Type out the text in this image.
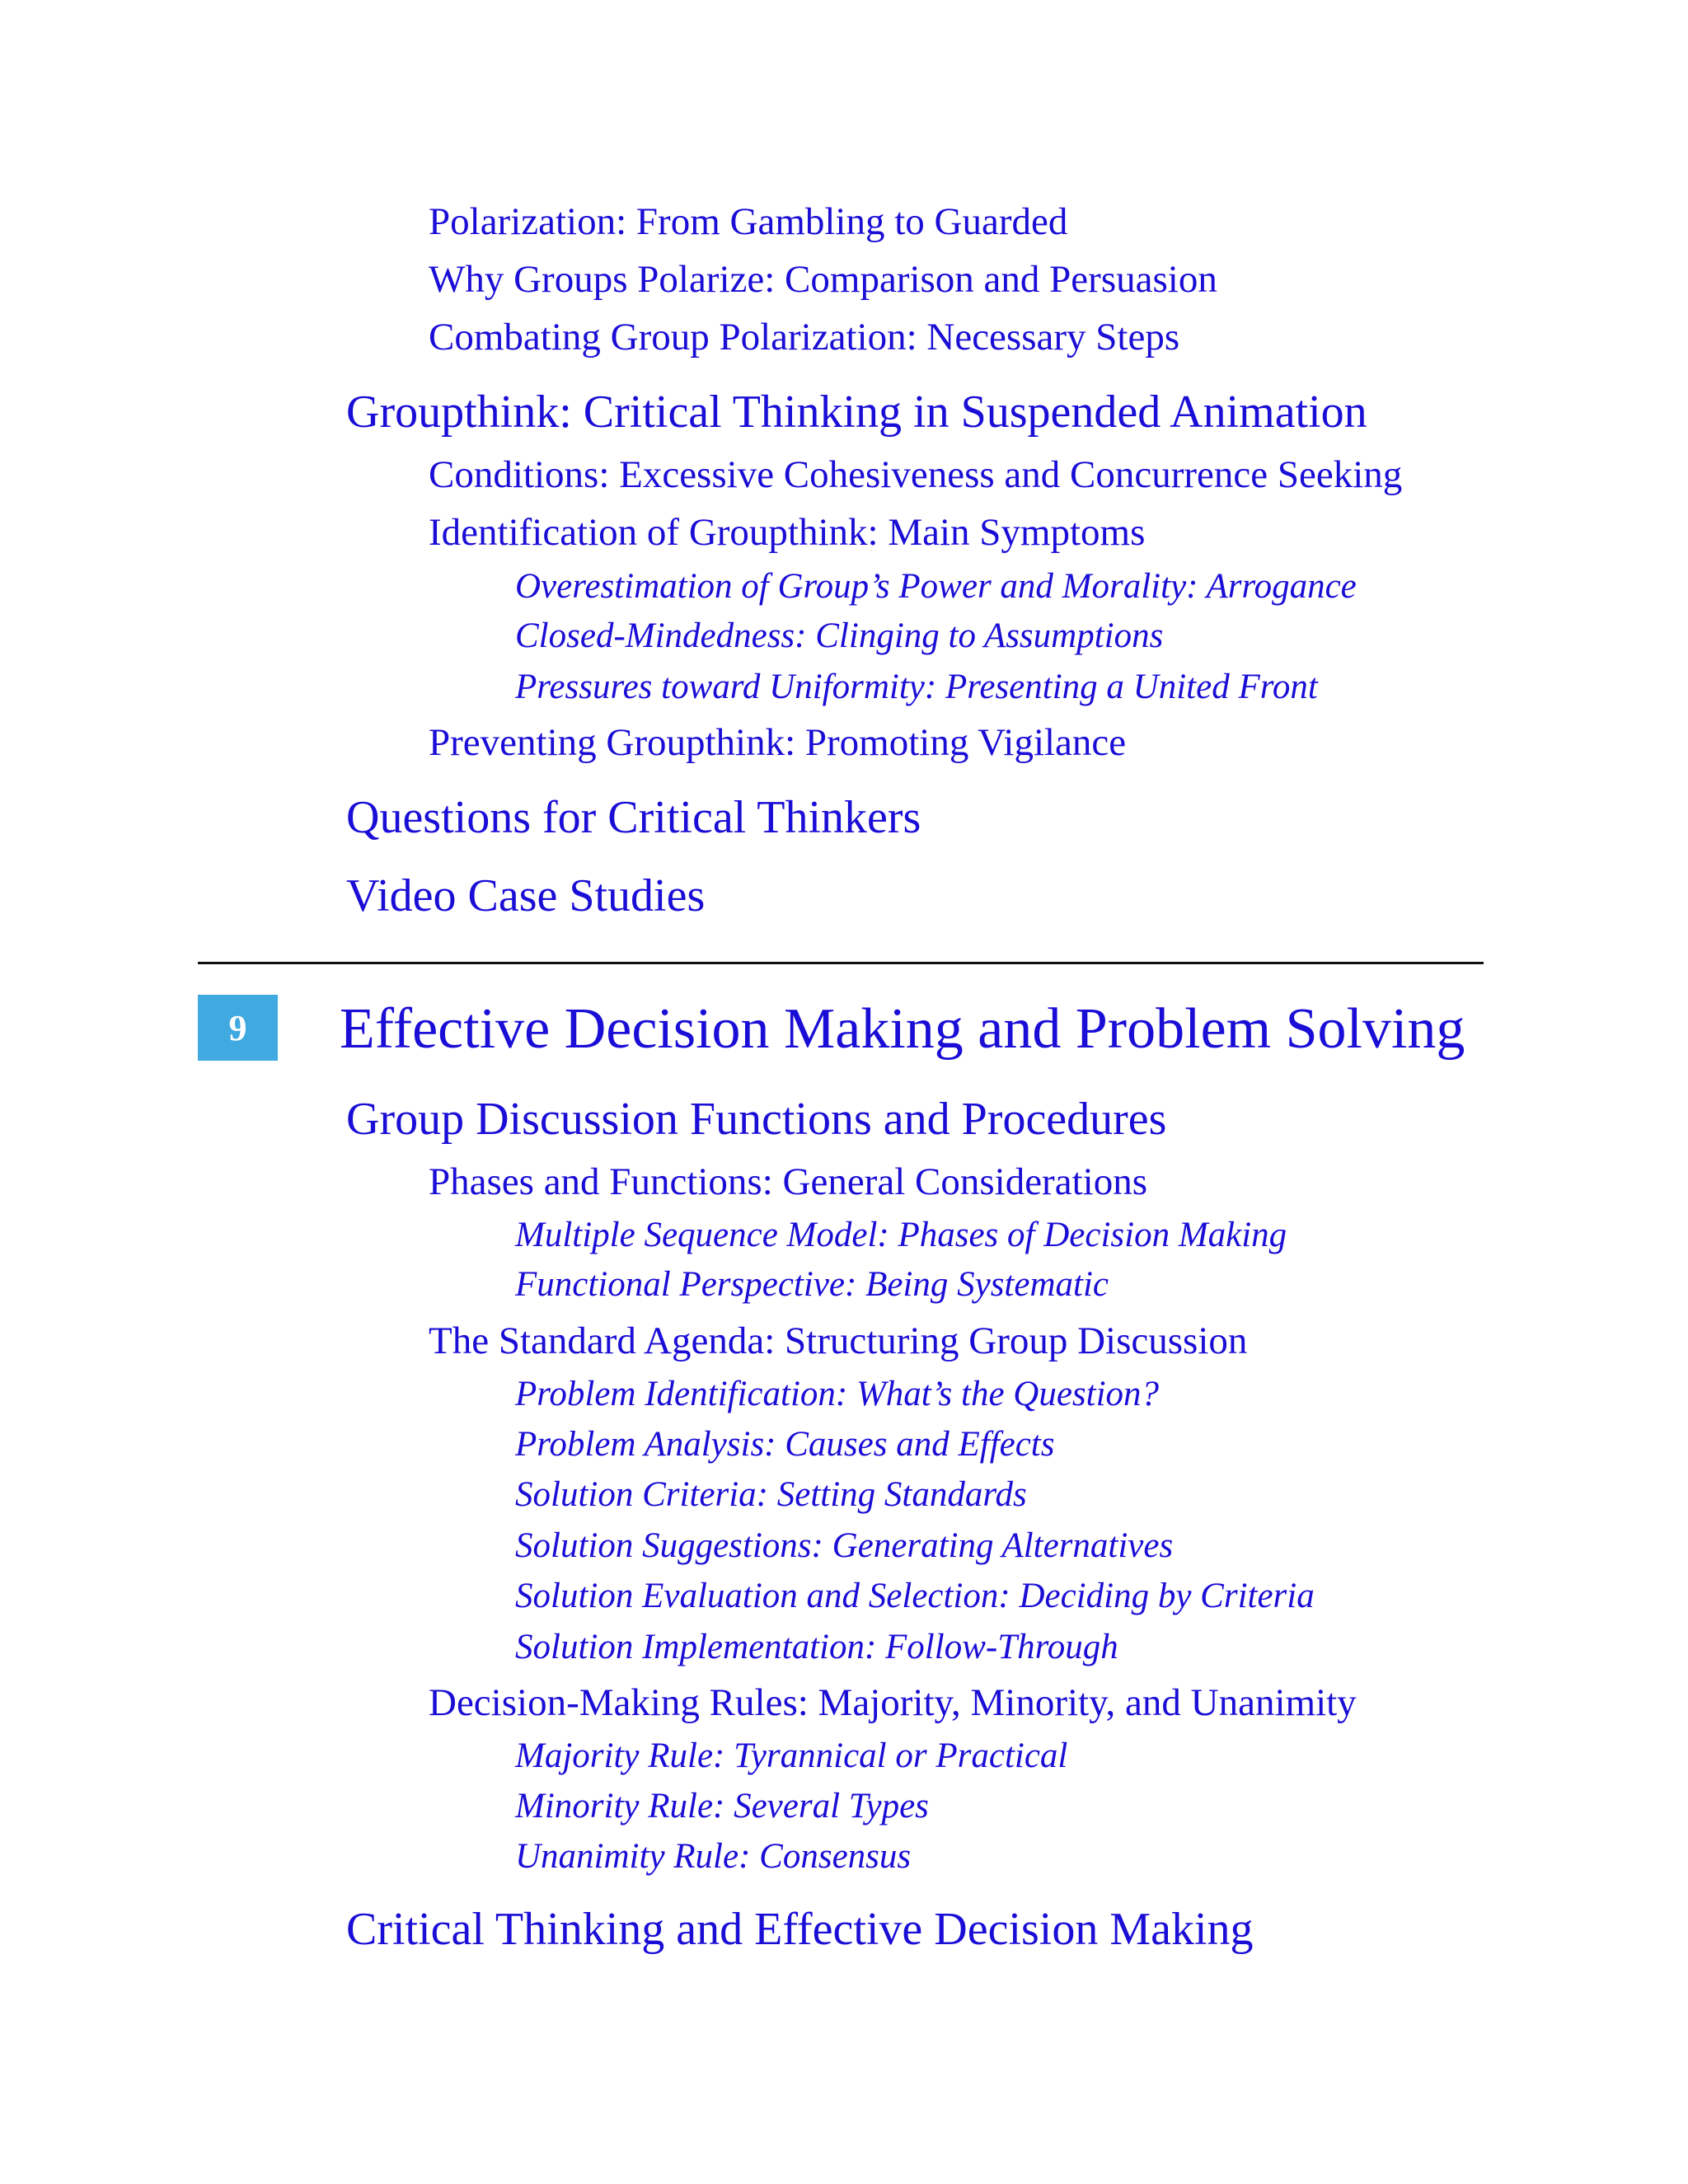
Polarization: From Gambling to Guarded
Why Groups Polarize: Comparison and Persuasion
Combating Group Polarization: Necessary Steps
Groupthink: Critical Thinking in Suspended Animation
Conditions: Excessive Cohesiveness and Concurrence Seeking
Identification of Groupthink: Main Symptoms
Overestimation of Group’s Power and Morality: Arrogance
Closed-Mindedness: Clinging to Assumptions
Pressures toward Uniformity: Presenting a United Front
Preventing Groupthink: Promoting Vigilance
Questions for Critical Thinkers
Video Case Studies
9 Effective Decision Making and Problem Solving
Group Discussion Functions and Procedures
Phases and Functions: General Considerations
Multiple Sequence Model: Phases of Decision Making
Functional Perspective: Being Systematic
The Standard Agenda: Structuring Group Discussion
Problem Identification: What’s the Question?
Problem Analysis: Causes and Effects
Solution Criteria: Setting Standards
Solution Suggestions: Generating Alternatives
Solution Evaluation and Selection: Deciding by Criteria
Solution Implementation: Follow-Through
Decision-Making Rules: Majority, Minority, and Unanimity
Majority Rule: Tyrannical or Practical
Minority Rule: Several Types
Unanimity Rule: Consensus
Critical Thinking and Effective Decision Making
